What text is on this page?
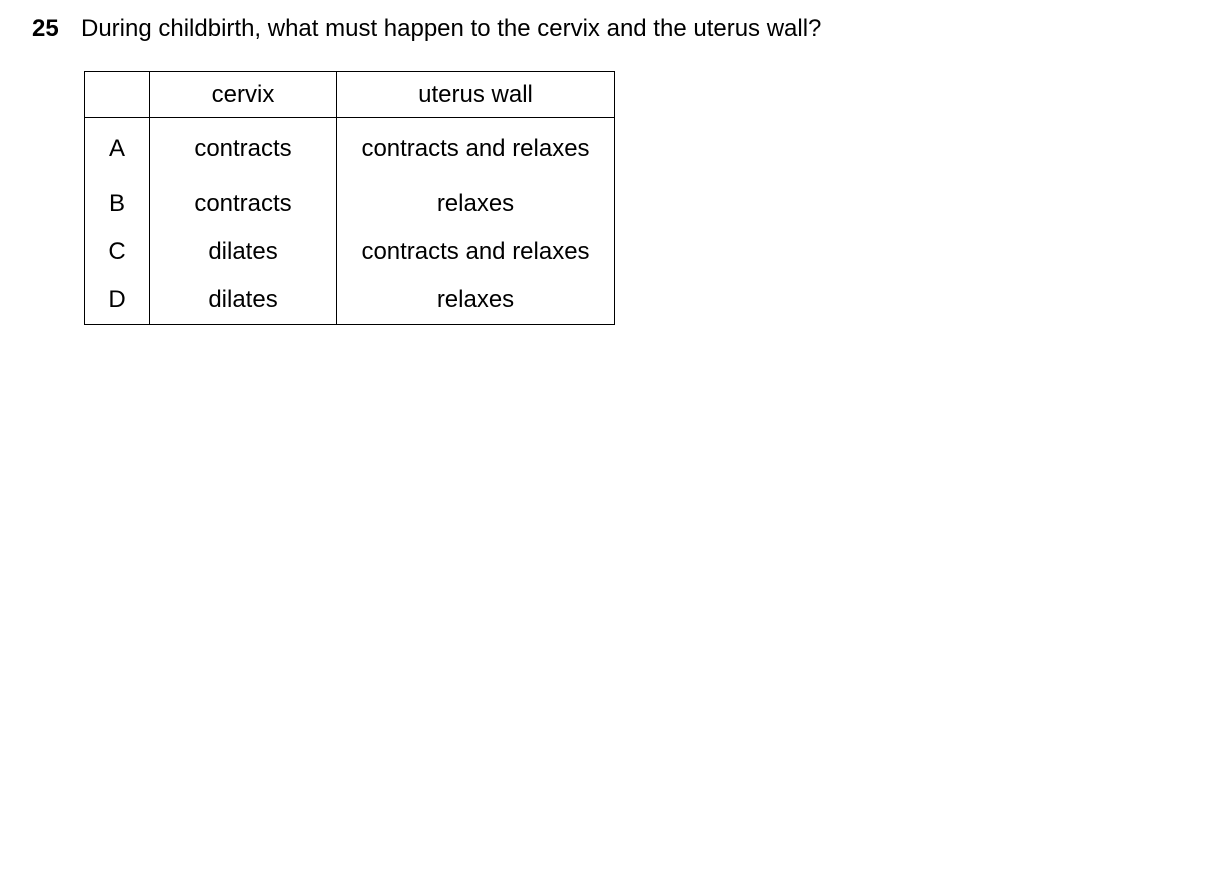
25 During childbirth, what must happen to the cervix and the uterus wall?
	cervix	uterus wall
A	contracts	contracts and relaxes
B	contracts	relaxes
C	dilates	contracts and relaxes
D	dilates	relaxes
